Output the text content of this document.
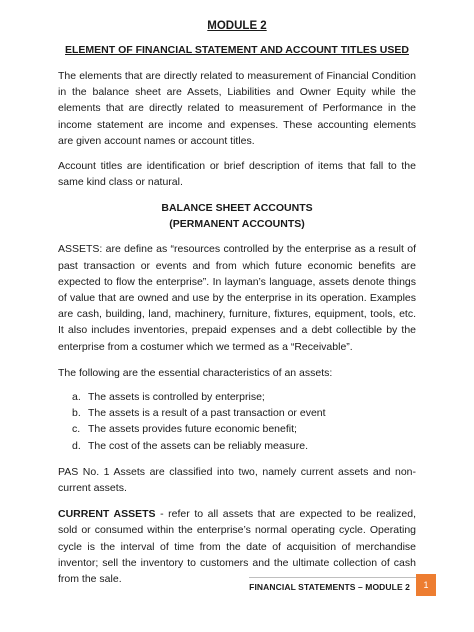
MODULE 2
ELEMENT OF FINANCIAL STATEMENT AND ACCOUNT TITLES USED

The elements that are directly related to measurement of Financial Condition in the balance sheet are Assets, Liabilities and Owner Equity while the elements that are directly related to measurement of Performance in the income statement are income and expenses. These accounting elements are given account names or account titles.

Account titles are identification or brief description of items that fall to the same kind class or natural.

BALANCE SHEET ACCOUNTS
(PERMANENT ACCOUNTS)

ASSETS: are define as “resources controlled by the enterprise as a result of past transaction or events and from which future economic benefits are expected to flow the enterprise”. In layman’s language, assets denote things of value that are owned and use by the enterprise in its operation. Examples are cash, building, land, machinery, furniture, fixtures, equipment, tools, etc. It also includes inventories, prepaid expenses and a debt collectible by the enterprise from a costumer which we termed as a “Receivable”.

The following are the essential characteristics of an assets:

a. The assets is controlled by enterprise;
b. The assets is a result of a past transaction or event
c. The assets provides future economic benefit;
d. The cost of the assets can be reliably measure.

PAS No. 1 Assets are classified into two, namely current assets and non-current assets.

CURRENT ASSETS - refer to all assets that are expected to be realized, sold or consumed within the enterprise’s normal operating cycle. Operating cycle is the interval of time from the date of acquisition of merchandise inventor; sell the inventory to customers and the ultimate collection of cash from the sale.

FINANCIAL STATEMENTS – MODULE 2	1
